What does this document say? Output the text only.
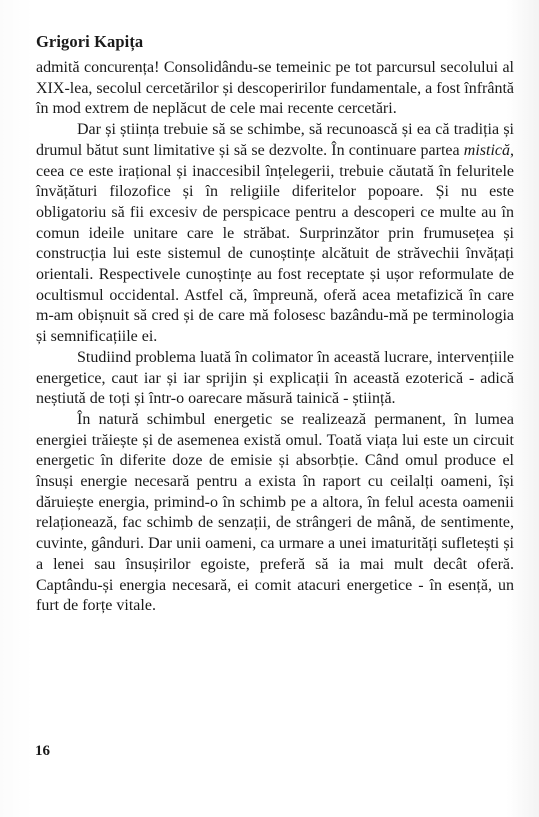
Grigori Kapița

admită concurența! Consolidându-se temeinic pe tot parcursul secolului al XIX-lea, secolul cercetărilor și descoperirilor fundamentale, a fost înfrântă în mod extrem de neplăcut de cele mai recente cercetări.

Dar și știința trebuie să se schimbe, să recunoască și ea că tradiția și drumul bătut sunt limitative și să se dezvolte. În continuare partea mistică, ceea ce este irațional și inaccesibil înțelegerii, trebuie căutată în feluritele învățături filozofice și în religiile diferitelor popoare. Și nu este obligatoriu să fii excesiv de perspicace pentru a descoperi ce multe au în comun ideile unitare care le străbat. Surprinzător prin frumusețea și construcția lui este sistemul de cunoștințe alcătuit de străvechii învățați orientali. Respectivele cunoștințe au fost receptate și ușor reformulate de ocultismul occidental. Astfel că, împreună, oferă acea metafizică în care m-am obișnuit să cred și de care mă folosesc bazându-mă pe terminologia și semnificațiile ei.

Studiind problema luată în colimator în această lucrare, intervențiile energetice, caut iar și iar sprijin și explicații în această ezoterică - adică neștiută de toți și într-o oarecare măsură tainică - știință.

În natură schimbul energetic se realizează permanent, în lumea energiei trăiește și de asemenea există omul. Toată viața lui este un circuit energetic în diferite doze de emisie și absorbție. Când omul produce el însuși energie necesară pentru a exista în raport cu ceilalți oameni, își dăruiește energia, primind-o în schimb pe a altora, în felul acesta oamenii relaționează, fac schimb de senzații, de strângeri de mână, de sentimente, cuvinte, gânduri. Dar unii oameni, ca urmare a unei imaturități sufletești și a lenei sau însușirilor egoiste, preferă să ia mai mult decât oferă. Captându-și energia necesară, ei comit atacuri energetice - în esență, un furt de forțe vitale.

16
